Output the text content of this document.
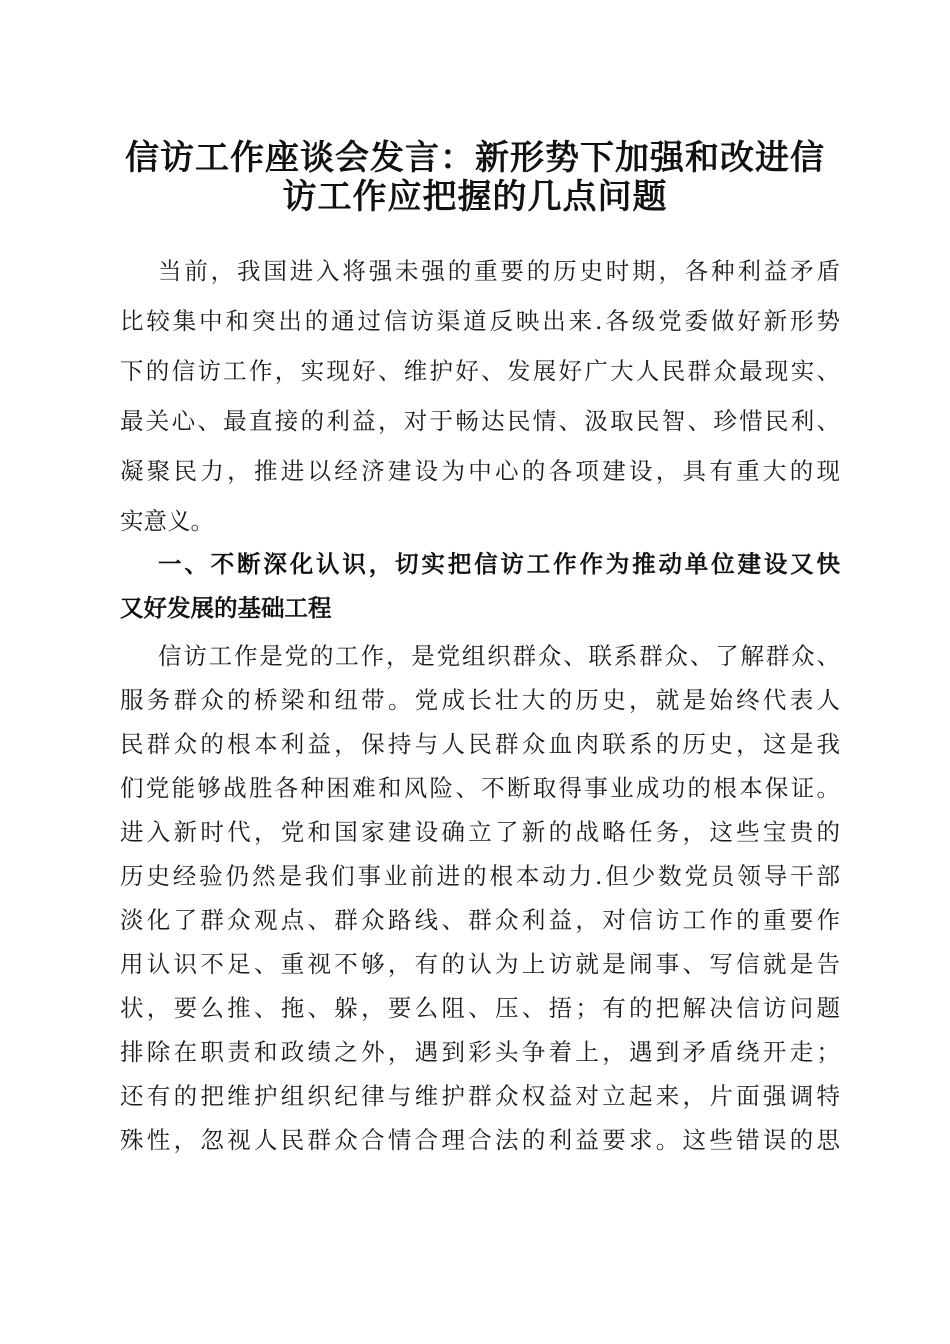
信访工作座谈会发言：新形势下加强和改进信
访工作应把握的几点问题
当前，我国进入将强未强的重要的历史时期，各种利益矛盾
比较集中和突出的通过信访渠道反映出来.各级党委做好新形势
下的信访工作，实现好、维护好、发展好广大人民群众最现实、
最关心、最直接的利益，对于畅达民情、汲取民智、珍惜民利、
凝聚民力，推进以经济建设为中心的各项建设，具有重大的现
实意义。
一、不断深化认识，切实把信访工作作为推动单位建设又快
又好发展的基础工程
信访工作是党的工作，是党组织群众、联系群众、了解群众、
服务群众的桥梁和纽带。党成长壮大的历史，就是始终代表人
民群众的根本利益，保持与人民群众血肉联系的历史，这是我
们党能够战胜各种困难和风险、不断取得事业成功的根本保证。
进入新时代，党和国家建设确立了新的战略任务，这些宝贵的
历史经验仍然是我们事业前进的根本动力.但少数党员领导干部
淡化了群众观点、群众路线、群众利益，对信访工作的重要作
用认识不足、重视不够，有的认为上访就是闹事、写信就是告
状，要么推、拖、躲，要么阻、压、捂；有的把解决信访问题
排除在职责和政绩之外，遇到彩头争着上，遇到矛盾绕开走；
还有的把维护组织纪律与维护群众权益对立起来，片面强调特
殊性，忽视人民群众合情合理合法的利益要求。这些错误的思
